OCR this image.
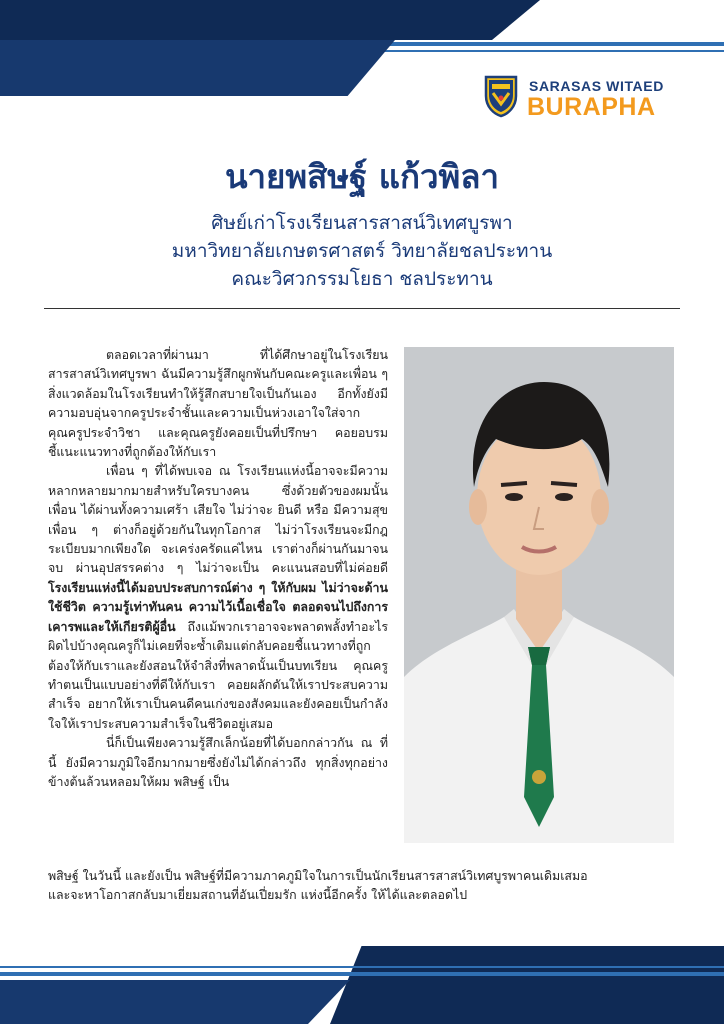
SARASAS WITAED
BURAPHA
นายพสิษฐ์ แก้วพิลา
ศิษย์เก่าโรงเรียนสารสาสน์วิเทศบูรพา
มหาวิทยาลัยเกษตรศาสตร์ วิทยาลัยชลประทาน
คณะวิศวกรรมโยธา ชลประทาน

ตลอดเวลาที่ผ่านมา ที่ได้ศึกษาอยู่ในโรงเรียนสารสาสน์วิเทศบูรพา ฉันมีความรู้สึกผูกพันกับคณะครูและเพื่อน ๆ สิ่งแวดล้อมในโรงเรียนทำให้รู้สึกสบายใจเป็นกันเอง อีกทั้งยังมีความอบอุ่นจากครูประจำชั้นและความเป็นห่วงเอาใจใส่จากคุณครูประจำวิชา และคุณครูยังคอยเป็นที่ปรึกษา คอยอบรมชี้แนะแนวทางที่ถูกต้องให้กับเรา

เพื่อน ๆ ที่ได้พบเจอ ณ โรงเรียนแห่งนี้อาจจะมีความหลากหลายมากมายสำหรับใครบางคน ซึ่งด้วยตัวของผมนั้น เพื่อน ได้ผ่านทั้งความเศร้า เสียใจ ไม่ว่าจะ ยินดี หรือ มีความสุขเพื่อน ๆ ต่างก็อยู่ด้วยกันในทุกโอกาส ไม่ว่าโรงเรียนจะมีกฎระเบียบมากเพียงใด จะเคร่งครัดแค่ไหน เราต่างก็ผ่านกันมาจนจบ ผ่านอุปสรรคต่าง ๆ ไม่ว่าจะเป็น คะแนนสอบที่ไม่ค่อยดี โรงเรียนแห่งนี้ได้มอบประสบการณ์ต่าง ๆ ให้กับผม ไม่ว่าจะด้านใช้ชีวิต ความรู้เท่าทันคน ความไว้เนื้อเชื่อใจ ตลอดจนไปถึงการเคารพและให้เกียรติผู้อื่น ถึงแม้พวกเราอาจจะพลาดพลั้งทำอะไรผิดไปบ้างคุณครูก็ไม่เคยที่จะซ้ำเติมแต่กลับคอยชี้แนวทางที่ถูกต้องให้กับเราและยังสอนให้จำสิ่งที่พลาดนั้นเป็นบทเรียน คุณครูทำตนเป็นแบบอย่างที่ดีให้กับเรา คอยผลักดันให้เราประสบความสำเร็จ อยากให้เราเป็นคนดีคนเก่งของสังคมและยังคอยเป็นกำลังใจให้เราประสบความสำเร็จในชีวิตอยู่เสมอ

นี่ก็เป็นเพียงความรู้สึกเล็กน้อยที่ได้บอกกล่าวกัน ณ ที่นี้ ยังมีความภูมิใจอีกมากมายซึ่งยังไม่ได้กล่าวถึง ทุกสิ่งทุกอย่างข้างต้นล้วนหลอมให้ผม พสิษฐ์ เป็น

พสิษฐ์ ในวันนี้ และยังเป็น พสิษฐ์ที่มีความภาคภูมิใจในการเป็นนักเรียนสารสาสน์วิเทศบูรพาคนเดิมเสมอ

และจะหาโอกาสกลับมาเยี่ยมสถานที่อันเปี่ยมรัก แห่งนี้อีกครั้ง ให้ได้และตลอดไป
